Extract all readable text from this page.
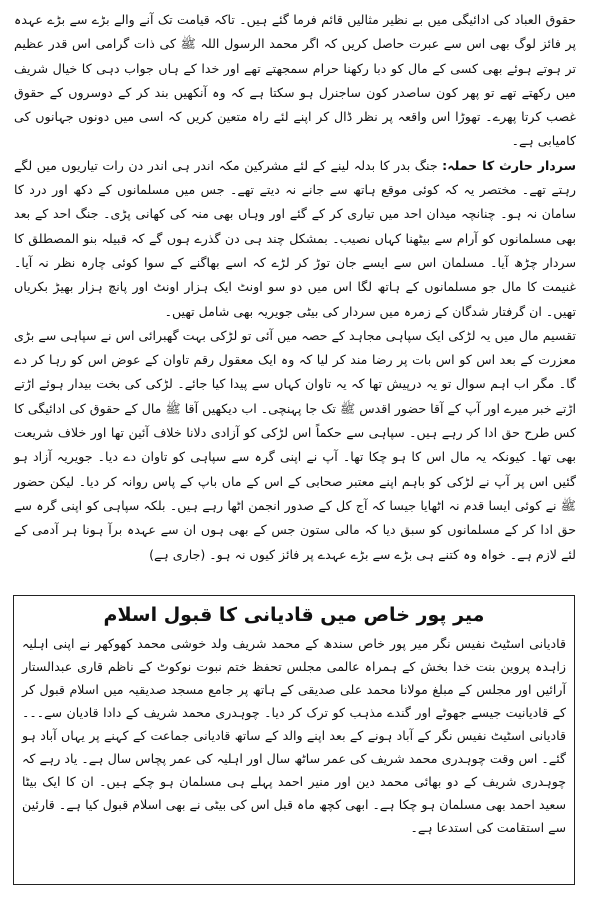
حقوق العباد کی ادائیگی میں بے نظیر مثالیں قائم فرما گئے ہیں۔ تاکہ قیامت تک آنے والے بڑے سے بڑے عہدہ پر فائز لوگ بھی اس سے عبرت حاصل کریں کہ اگر محمد الرسول اللہ ﷺ کی ذات گرامی اس قدر عظیم تر ہوتے ہوئے بھی کسی کے مال کو دبا رکھنا حرام سمجھتے تھے اور خدا کے ہاں جواب دہی کا خیال شریف میں رکھتے تھے تو پھر کون ساصدر کون ساجنرل ہو سکتا ہے کہ وہ آنکھیں بند کر کے دوسروں کے حقوق غصب کرتا پھرے۔ تھوڑا اس واقعہ پر نظر ڈال کر اپنے لئے راہ متعین کریں کہ اسی میں دونوں جہانوں کی کامیابی ہے۔

سردار حارث کا حملہ: جنگ بدر کا بدلہ لینے کے لئے مشرکین مکہ اندر ہی اندر دن رات تیاریوں میں لگے رہتے تھے۔ مختصر یہ کہ کوئی موقع ہاتھ سے جانے نہ دیتے تھے۔ جس میں مسلمانوں کے دکھ اور درد کا سامان نہ ہو۔ چنانچہ میدان احد میں تیاری کر کے گئے اور وہاں بھی منہ کی کھانی پڑی۔ جنگ احد کے بعد بھی مسلمانوں کو آرام سے بیٹھنا کہاں نصیب۔ بمشکل چند ہی دن گذرے ہوں گے کہ قبیلہ بنو المصطلق کا سردار چڑھ آیا۔ مسلمان اس سے ایسے جان توڑ کر لڑے کہ اسے بھاگنے کے سوا کوئی چارہ نظر نہ آیا۔ غنیمت کا مال جو مسلمانوں کے ہاتھ لگا اس میں دو سو اونٹ ایک ہزار اونٹ اور پانچ ہزار بھیڑ بکریاں تھیں۔ ان گرفتار شدگان کے زمرہ میں سردار کی بیٹی جویریہ بھی شامل تھیں۔

تقسیم مال میں یہ لڑکی ایک سپاہی مجاہد کے حصہ میں آئی تو لڑکی بہت گھبرائی اس نے سپاہی سے بڑی معزرت کے بعد اس کو اس بات پر رضا مند کر لیا کہ وہ ایک معقول رقم تاوان کے عوض اس کو رہا کر دے گا۔ مگر اب اہم سوال تو یہ درپیش تھا کہ یہ تاوان کہاں سے پیدا کیا جائے۔ لڑکی کی بخت بیدار ہوئے اڑتے اڑتے خبر میرے اور آپ کے آقا حضور اقدس ﷺ تک جا پہنچی۔ اب دیکھیں آقا ﷺ مال کے حقوق کی ادائیگی کا کس طرح حق ادا کر رہے ہیں۔ سپاہی سے حکماً اس لڑکی کو آزادی دلانا خلاف آئین تھا اور خلاف شریعت بھی تھا۔ کیونکہ یہ مال اس کا ہو چکا تھا۔ آپ نے اپنی گرہ سے سپاہی کو تاوان دے دیا۔ جویریہ آزاد ہو گئیں اس پر آپ نے لڑکی کو باہم اپنے معتبر صحابی کے اس کے ماں باپ کے پاس روانہ کر دیا۔ لیکن حضور ﷺ نے کوئی ایسا قدم نہ اٹھایا جیسا کہ آج کل کے صدور انجمن اٹھا رہے ہیں۔ بلکہ سپاہی کو اپنی گرہ سے حق ادا کر کے مسلمانوں کو سبق دیا کہ مالی ستون جس کے بھی ہوں ان سے عہدہ برآ ہونا ہر آدمی کے لئے لازم ہے۔ خواہ وہ کتنے ہی بڑے سے بڑے عہدے پر فائز کیوں نہ ہو۔ (جاری ہے)

میر پور خاص میں قادیانی کا قبول اسلام

قادیانی اسٹیٹ نفیس نگر میر پور خاص سندھ کے محمد شریف ولد خوشی محمد کھوکھر نے اپنی اہلیہ زاہدہ پروین بنت خدا بخش کے ہمراہ عالمی مجلس تحفظ ختم نبوت نوکوٹ کے ناظم قاری عبدالستار آرائیں اور مجلس کے مبلغ مولانا محمد علی صدیقی کے ہاتھ پر جامع مسجد صدیقیہ میں اسلام قبول کر کے قادیانیت جیسے جھوٹے اور گندے مذہب کو ترک کر دیا۔ چوہدری محمد شریف کے دادا قادیان سے۔۔۔ قادیانی اسٹیٹ نفیس نگر کے آباد ہونے کے بعد اپنے والد کے ساتھ قادیانی جماعت کے کہنے پر یہاں آباد ہو گئے۔ اس وقت چوہدری محمد شریف کی عمر ساٹھ سال اور اہلیہ کی عمر پچاس سال ہے۔ یاد رہے کہ چوہدری شریف کے دو بھائی محمد دین اور منیر احمد پہلے ہی مسلمان ہو چکے ہیں۔ ان کا ایک بیٹا سعید احمد بھی مسلمان ہو چکا ہے۔ ابھی کچھ ماہ قبل اس کی بیٹی نے بھی اسلام قبول کیا ہے۔ قارئین سے استقامت کی استدعا ہے۔
